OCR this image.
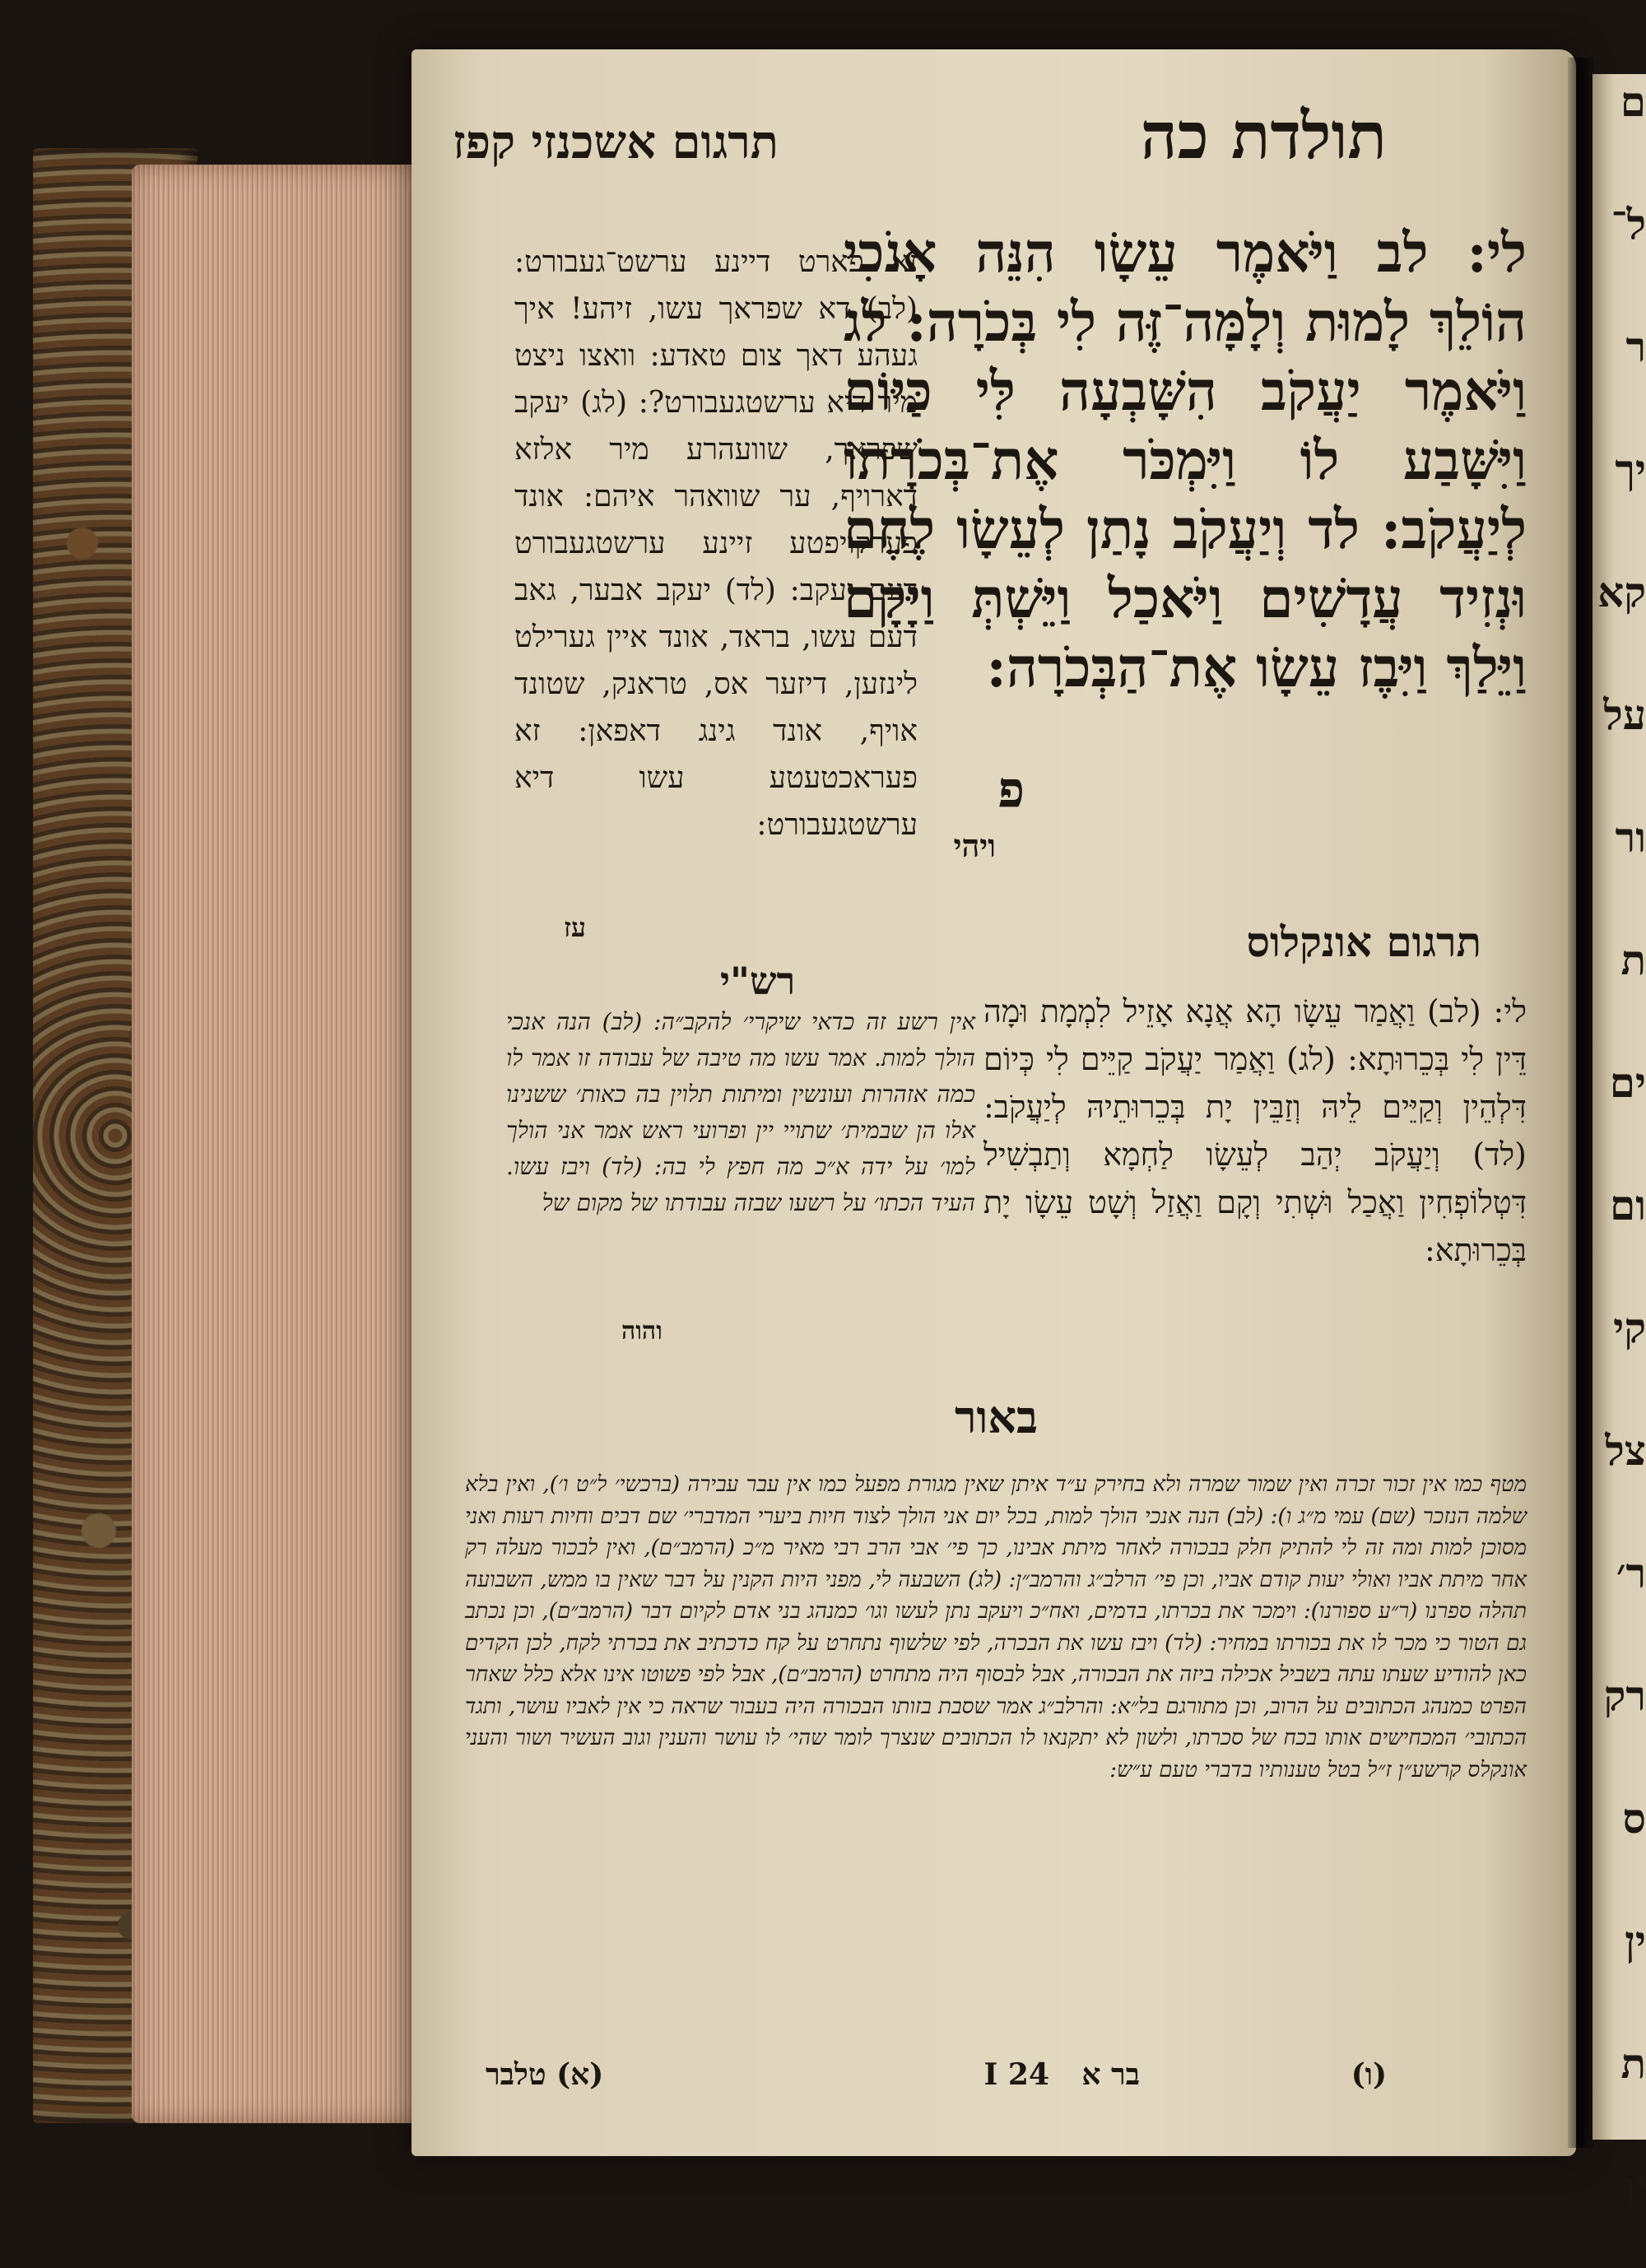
תולדת כה
תרגום אשכנזי קפז

לי: לב וַיֹּאמֶר עֵשָׂו הִנֵּה אָנֹכִי הוֹלֵךְ לָמוּת וְלָמָּה־זֶּה לִי בְּכֹרָה: לג וַיֹּאמֶר יַעֲקֹב הִשָּׁבְעָה לִּי כַּיּוֹם וַיִּשָּׁבַע לוֹ וַיִּמְכֹּר אֶת־בְּכֹרָתוֹ לְיַעֲקֹב: לד וְיַעֲקֹב נָתַן לְעֵשָׂו לֶחֶם וּנְזִיד עֲדָשִׁים וַיֹּאכַל וַיֵּשְׁתְּ וַיָּקָם וַיֵּלַךְ וַיִּבֶז עֵשָׂו אֶת־הַבְּכֹרָה:

פ
ויהי

זא פארט דיינע ערשט־געבורט: (לב) דא שפראך עשו, זיהע! איך געהע דאך צום טאדע: וואצו ניצט מיר דיא ערשטגעבורט?: (לג) יעקב שפראך, שוועהרע מיר אלזא דארויף, ער שוואהר איהם: אונד פערקויפטע זיינע ערשטגעבורט דעם יעקב: (לד) יעקב אבער, גאב דעם עשו, בראד, אונד איין גערילט לינזען, דיזער אס, טראנק, שטונד אויף, אונד גינג דאפאן: זא פעראכטעטע עשו דיא ערשטגעבורט:

עז	תרגום אונקלוס

לי: (לב) וַאֲמַר עֵשָׂו הָא אֲנָא אָזֵיל לִמְמָת וּמָה דֵּין לִי בְּכֵרוּתָא: (לג) וַאֲמַר יַעֲקֹב קַיֵּים לִי כְּיוֹם דִּלְהֵין וְקַיֵּים לֵיהּ וְזַבֵּין יָת בְּכֵרוּתֵיהּ לְיַעֲקֹב: (לד) וְיַעֲקֹב יְהַב לְעֵשָׂו לַחְמָא וְתַבְשִׁיל דִּטְלוֹפְחִין וַאֲכַל וּשְׁתִי וְקָם וַאֲזַל וְשָׁט עֵשָׂו יָת בְּכֵרוּתָא:

רש"י

אין רשע זה כדאי שיקרי׳ להקב״ה: (לב) הנה אנכי הולך למות. אמר עשו מה טיבה של עבודה זו אמר לו כמה אזהרות ועונשין ומיתות תלוין בה כאות׳ ששנינו אלו הן שבמית׳ שתויי יין ופרועי ראש אמר אני הולך למו׳ על ידה א״כ מה חפץ לי בה: (לד) ויבז עשו. העיד הכתו׳ על רשעו שבזה עבודתו של מקום של

והוה
באור

מטף כמו אין זכור זכרה ואין שמור שמרה ולא בחירק ע״ד איתן שאין מגורת מפעל כמו אין עבר עבירה (ברכשי׳ ל״ט ו׳), ואין בלא שלמה הנזכר (שם) עמי מ״ג ו): (לב) הנה אנכי הולך למות, בכל יום אני הולך לצוד חיות ביערי המדברי׳ שם דבים וחיות רעות ואני מסוכן למות ומה זה לי להתיק חלק בבכורה לאחר מיתת אבינו, כך פי׳ אבי הרב רבי מאיר מ״כ (הרמב״ם), ואין לבכור מעלה רק אחר מיתת אביו ואולי יעות קודם אביו, וכן פי׳ הרלב״ג והרמב״ן: (לג) השבעה לי, מפני היות הקנין על דבר שאין בו ממש, השבועה תהלה ספרנו (ר״ע ספורנו): וימכר את בכרתו, בדמים, ואח״כ ויעקב נתן לעשו וגו׳ כמנהג בני אדם לקיום דבר (הרמב״ם), וכן נכתב גם הטור כי מכר לו את בכורתו במחיר: (לד) ויבז עשו את הבכרה, לפי שלשוף נתחרט על קח כדכתיב את בכרתי לקח, לכן הקדים כאן להודיע שעתו עתה בשביל אכילה ביזה את הבכורה, אבל לבסוף היה מתחרט (הרמב״ם), אבל לפי פשוטו אינו אלא כלל שאחר הפרט כמנהג הכתובים על הרוב, וכן מתורגם בל״א: והרלב״ג אמר שסבת בזותו הבכורה היה בעבור שראה כי אין לאביו עושר, ותגד הכתובי׳ המכחישים אותו בכח של סכרתו, ולשון לא יתקנאו לו הכתובים שנצרך לומר שהי׳ לו עושר והענין וגוב העשיר ושור והעני אונקלס קרשע״ן ז״ל בטל טענותיו בדברי טעם ע״ש:

(ו)
בר א
24 I
(א) טלבר
ם
ל־
ר
יך
קא
על
ור
ת
ים
ום
קי
צל
ר׳
רק
ס
ין
ת
ין
